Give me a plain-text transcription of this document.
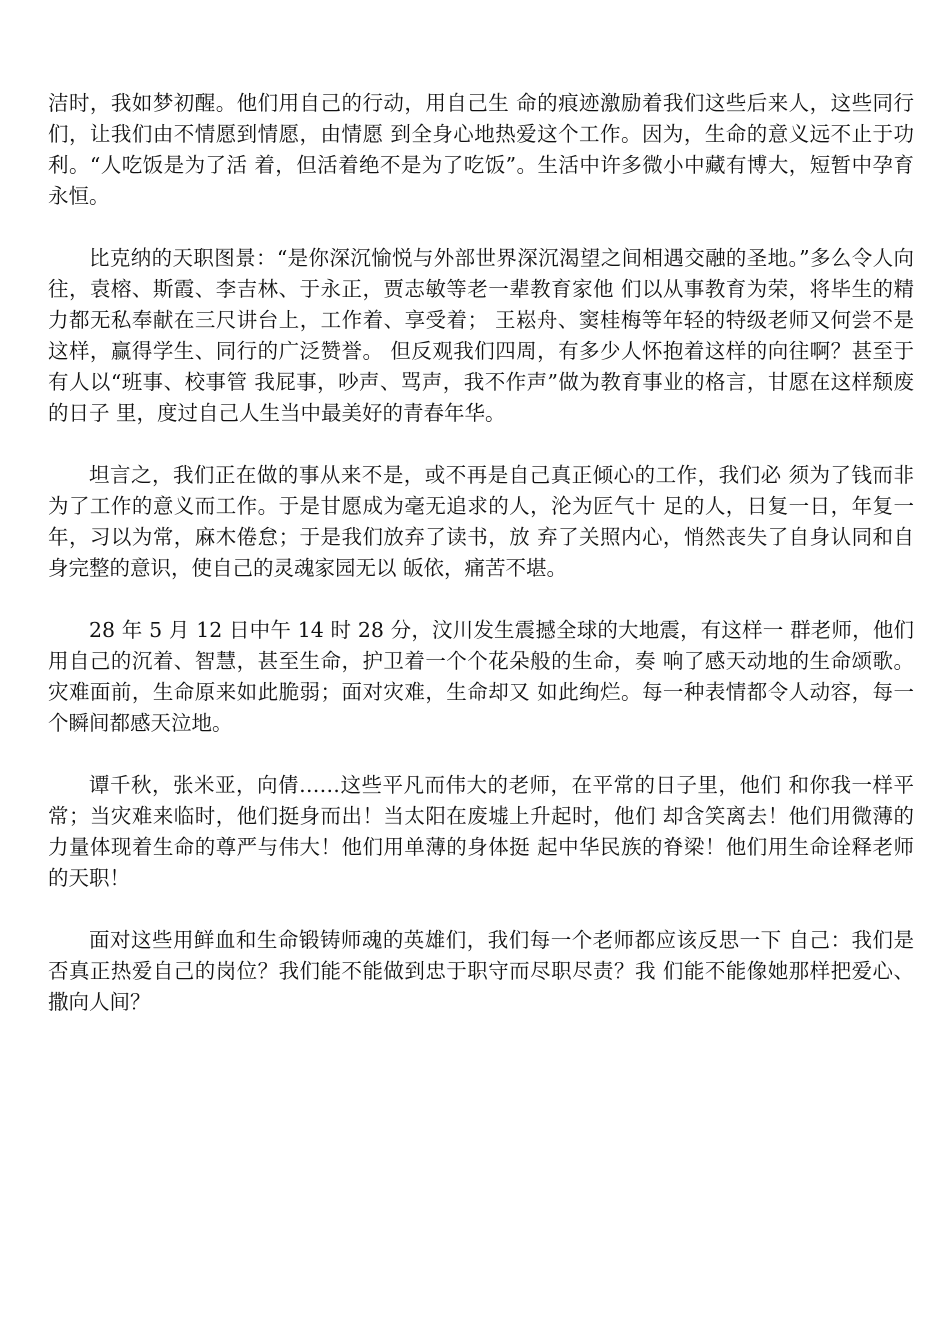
洁时，我如梦初醒。他们用自己的行动，用自己生 命的痕迹激励着我们这些后来人，这些同行们，让我们由不情愿到情愿，由情愿 到全身心地热爱这个工作。因为，生命的意义远不止于功利。“人吃饭是为了活 着，但活着绝不是为了吃饭”。生活中许多微小中藏有博大，短暂中孕育永恒。

比克纳的天职图景：“是你深沉愉悦与外部世界深沉渴望之间相遇交融的圣地。”多么令人向往，袁榕、斯霞、李吉林、于永正，贾志敏等老一辈教育家他 们以从事教育为荣，将毕生的精力都无私奉献在三尺讲台上，工作着、享受着； 王崧舟、窦桂梅等年轻的特级老师又何尝不是这样，赢得学生、同行的广泛赞誉。 但反观我们四周，有多少人怀抱着这样的向往啊？甚至于有人以“班事、校事管 我屁事，吵声、骂声，我不作声”做为教育事业的格言，甘愿在这样颓废的日子 里，度过自己人生当中最美好的青春年华。

坦言之，我们正在做的事从来不是，或不再是自己真正倾心的工作，我们必 须为了钱而非为了工作的意义而工作。于是甘愿成为毫无追求的人，沦为匠气十 足的人，日复一日，年复一年，习以为常，麻木倦怠；于是我们放弃了读书，放 弃了关照内心，悄然丧失了自身认同和自身完整的意识，使自己的灵魂家园无以 皈依，痛苦不堪。

28 年 5 月 12 日中午 14 时 28 分，汶川发生震撼全球的大地震，有这样一 群老师，他们用自己的沉着、智慧，甚至生命，护卫着一个个花朵般的生命，奏 响了感天动地的生命颂歌。灾难面前，生命原来如此脆弱；面对灾难，生命却又 如此绚烂。每一种表情都令人动容，每一个瞬间都感天泣地。

谭千秋，张米亚，向倩……这些平凡而伟大的老师，在平常的日子里，他们 和你我一样平常；当灾难来临时，他们挺身而出！当太阳在废墟上升起时，他们 却含笑离去！他们用微薄的力量体现着生命的尊严与伟大！他们用单薄的身体挺 起中华民族的脊梁！他们用生命诠释老师的天职！

面对这些用鲜血和生命锻铸师魂的英雄们，我们每一个老师都应该反思一下 自己：我们是否真正热爱自己的岗位？我们能不能做到忠于职守而尽职尽责？我 们能不能像她那样把爱心、撒向人间？
